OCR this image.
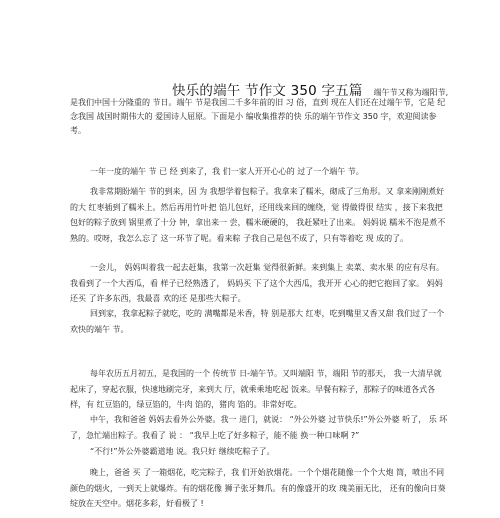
快乐的端午 节作文 350 字五篇 端午节又称为端阳节,
是我们中国十分隆重的 节日。端午 节是我国二千多年前的旧 习 俗，直到 现在人们还在过端午节，它是 纪念我国 战国时期伟大的 爱国诗人屈原。下面是小 编收集推荐的快 乐的端午节作文 350 字，欢迎阅读参考。

一年一度的端午 节 已 经 到来了，我 们一家人开开心心的 过了一个端午 节。

我非常期盼端午 节的到来，因 为 我想学着包粽子。我拿来了糯米，砌成了三角形。又 拿来刚刚煮好的大 红枣插到了糯米上。然后再用竹叶把 馅儿包好，还用线来回的缠绕，觉 得做得很 结实 ，接下来我把包好的粽子放到 锅里煮了十分 钟，拿出来一 尝，糯米硬硬的， 我赶紧吐了出来。 妈妈说 糯米不泡是煮不熟的。哎呀，我怎么忘了 这一环节了呢。看来粽 子我自己是包不成了，只有等着吃 现 成的了。

一会儿， 妈妈叫着我一起去赶集，我第一次赶集 觉得很新鲜。来到集上 卖菜、卖水果 的应有尽有。我看到了一个大西瓜，看 样子已经熟透了， 妈妈买 下了这个大西瓜，我开开 心心的把它抱回了家。 妈妈还买 了许多东西，我最喜 欢的还 是那些大粽子。

回到家，我拿起粽子就吃，吃的 满嘴都是米香，特 别是那大 红枣，吃到嘴里又香又甜 我们过了一个欢快的端午 节。

每年农历五月初五，是我国的一个 传统节 日-端午节。又叫端阳 节，端阳 节的那天， 我一大清早就起床了，穿起衣服，快速地刷完牙，来到大 厅，就乘乘地吃起 饭来。早餐有粽子，那粽子的味道各式各 样，有 红豆馅的，绿豆馅的，牛肉 馅的，猪肉 馅的。非常好吃。

中午，我和爸爸 妈妈去看外公外婆。我一 进门，就说： “外公外婆 过节快乐!”外公外婆 听了， 乐 坏了，急忙端出粽子。我看了 说 ： “我早上吃了好多粽子，能不能 换一种口味啊 ?”

“不行!”外公外婆霸道地 说。我只好 继续吃粽子了。

晚上，爸爸 买 了一箱烟花，吃完粽子，我 们开始放烟花。一个个烟花随像一个个大炮 筒，喷出不同 颜色的烟火，一到天上就爆炸。有的烟花像 狮子张牙舞爪。有的像盛开的玫 瑰美丽无比， 还有的像向日葵 绽放在天空中。烟花多彩，好看极了 !
